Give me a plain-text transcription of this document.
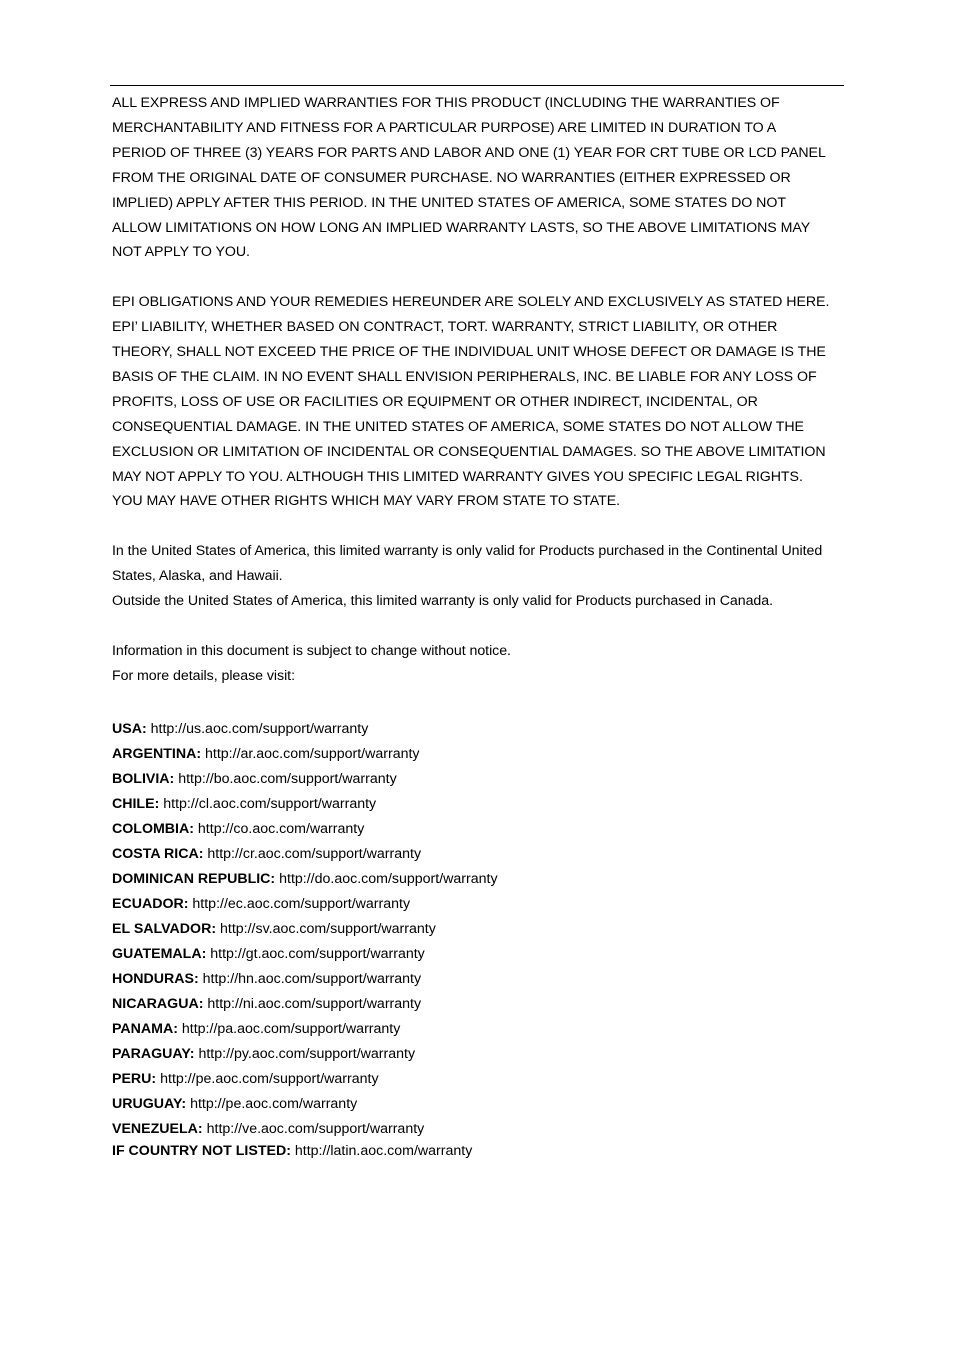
ALL EXPRESS AND IMPLIED WARRANTIES FOR THIS PRODUCT (INCLUDING THE WARRANTIES OF
MERCHANTABILITY AND FITNESS FOR A PARTICULAR PURPOSE) ARE LIMITED IN DURATION TO A
PERIOD OF THREE (3) YEARS FOR PARTS AND LABOR AND ONE (1) YEAR FOR CRT TUBE OR LCD PANEL
FROM THE ORIGINAL DATE OF CONSUMER PURCHASE. NO WARRANTIES (EITHER EXPRESSED OR
IMPLIED) APPLY AFTER THIS PERIOD. IN THE UNITED STATES OF AMERICA, SOME STATES DO NOT
ALLOW LIMITATIONS ON HOW LONG AN IMPLIED WARRANTY LASTS, SO THE ABOVE LIMITATIONS MAY
NOT APPLY TO YOU.

EPI OBLIGATIONS AND YOUR REMEDIES HEREUNDER ARE SOLELY AND EXCLUSIVELY AS STATED HERE.
EPI’ LIABILITY, WHETHER BASED ON CONTRACT, TORT. WARRANTY, STRICT LIABILITY, OR OTHER
THEORY, SHALL NOT EXCEED THE PRICE OF THE INDIVIDUAL UNIT WHOSE DEFECT OR DAMAGE IS THE
BASIS OF THE CLAIM. IN NO EVENT SHALL ENVISION PERIPHERALS, INC. BE LIABLE FOR ANY LOSS OF
PROFITS, LOSS OF USE OR FACILITIES OR EQUIPMENT OR OTHER INDIRECT, INCIDENTAL, OR
CONSEQUENTIAL DAMAGE. IN THE UNITED STATES OF AMERICA, SOME STATES DO NOT ALLOW THE
EXCLUSION OR LIMITATION OF INCIDENTAL OR CONSEQUENTIAL DAMAGES. SO THE ABOVE LIMITATION
MAY NOT APPLY TO YOU. ALTHOUGH THIS LIMITED WARRANTY GIVES YOU SPECIFIC LEGAL RIGHTS.
YOU MAY HAVE OTHER RIGHTS WHICH MAY VARY FROM STATE TO STATE.

In the United States of America, this limited warranty is only valid for Products purchased in the Continental United
States, Alaska, and Hawaii.
Outside the United States of America, this limited warranty is only valid for Products purchased in Canada.

Information in this document is subject to change without notice.
For more details, please visit:

USA: http://us.aoc.com/support/warranty
ARGENTINA: http://ar.aoc.com/support/warranty
BOLIVIA: http://bo.aoc.com/support/warranty
CHILE: http://cl.aoc.com/support/warranty
COLOMBIA: http://co.aoc.com/warranty
COSTA RICA: http://cr.aoc.com/support/warranty
DOMINICAN REPUBLIC: http://do.aoc.com/support/warranty
ECUADOR: http://ec.aoc.com/support/warranty
EL SALVADOR: http://sv.aoc.com/support/warranty
GUATEMALA: http://gt.aoc.com/support/warranty
HONDURAS: http://hn.aoc.com/support/warranty
NICARAGUA: http://ni.aoc.com/support/warranty
PANAMA: http://pa.aoc.com/support/warranty
PARAGUAY: http://py.aoc.com/support/warranty
PERU: http://pe.aoc.com/support/warranty
URUGUAY: http://pe.aoc.com/warranty
VENEZUELA: http://ve.aoc.com/support/warranty
IF COUNTRY NOT LISTED: http://latin.aoc.com/warranty
